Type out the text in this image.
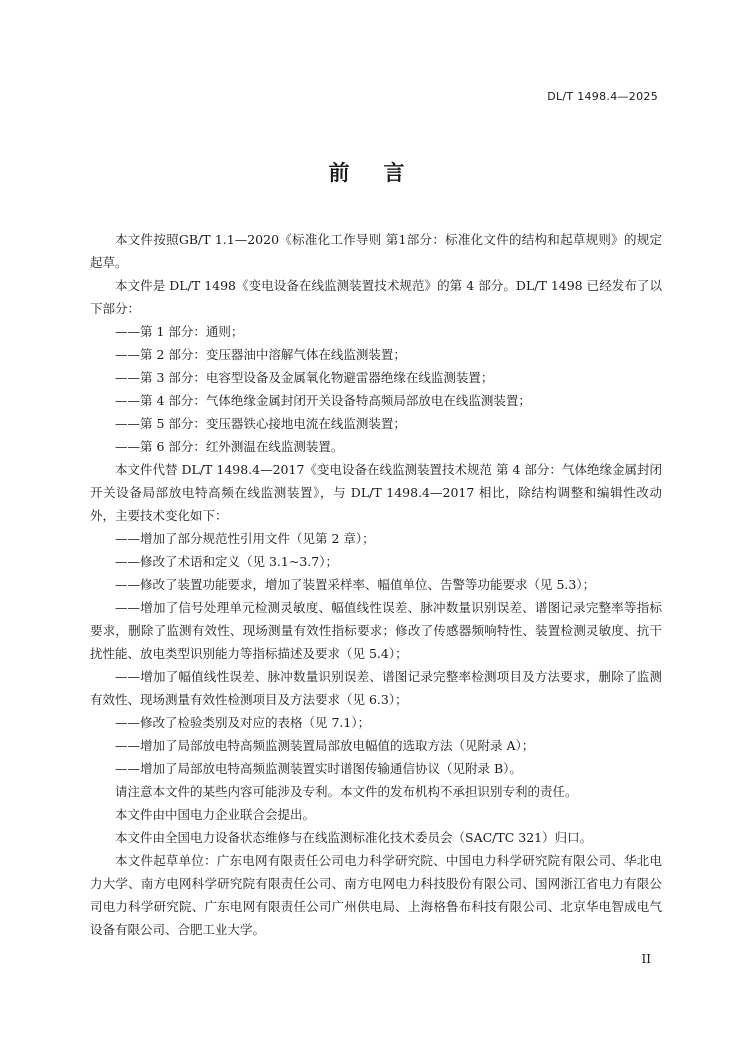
DL/T 1498.4—2025
前言

本文件按照GB/T 1.1—2020《标准化工作导则 第1部分：标准化文件的结构和起草规则》的规定起草。

本文件是 DL/T 1498《变电设备在线监测装置技术规范》的第 4 部分。DL/T 1498 已经发布了以下部分：

——第 1 部分：通则；

——第 2 部分：变压器油中溶解气体在线监测装置；

——第 3 部分：电容型设备及金属氧化物避雷器绝缘在线监测装置；

——第 4 部分：气体绝缘金属封闭开关设备特高频局部放电在线监测装置；

——第 5 部分：变压器铁心接地电流在线监测装置；

——第 6 部分：红外测温在线监测装置。

本文件代替 DL/T 1498.4—2017《变电设备在线监测装置技术规范 第 4 部分：气体绝缘金属封闭开关设备局部放电特高频在线监测装置》，与 DL/T 1498.4—2017 相比，除结构调整和编辑性改动外，主要技术变化如下：

——增加了部分规范性引用文件（见第 2 章）；

——修改了术语和定义（见 3.1~3.7）；

——修改了装置功能要求，增加了装置采样率、幅值单位、告警等功能要求（见 5.3）；

——增加了信号处理单元检测灵敏度、幅值线性误差、脉冲数量识别误差、谱图记录完整率等指标要求，删除了监测有效性、现场测量有效性指标要求；修改了传感器频响特性、装置检测灵敏度、抗干扰性能、放电类型识别能力等指标描述及要求（见 5.4）；

——增加了幅值线性误差、脉冲数量识别误差、谱图记录完整率检测项目及方法要求，删除了监测有效性、现场测量有效性检测项目及方法要求（见 6.3）；

——修改了检验类别及对应的表格（见 7.1）；

——增加了局部放电特高频监测装置局部放电幅值的选取方法（见附录 A）；

——增加了局部放电特高频监测装置实时谱图传输通信协议（见附录 B）。

请注意本文件的某些内容可能涉及专利。本文件的发布机构不承担识别专利的责任。

本文件由中国电力企业联合会提出。

本文件由全国电力设备状态维修与在线监测标准化技术委员会（SAC/TC 321）归口。

本文件起草单位：广东电网有限责任公司电力科学研究院、中国电力科学研究院有限公司、华北电力大学、南方电网科学研究院有限责任公司、南方电网电力科技股份有限公司、国网浙江省电力有限公司电力科学研究院、广东电网有限责任公司广州供电局、上海格鲁布科技有限公司、北京华电智成电气设备有限公司、合肥工业大学。

II
